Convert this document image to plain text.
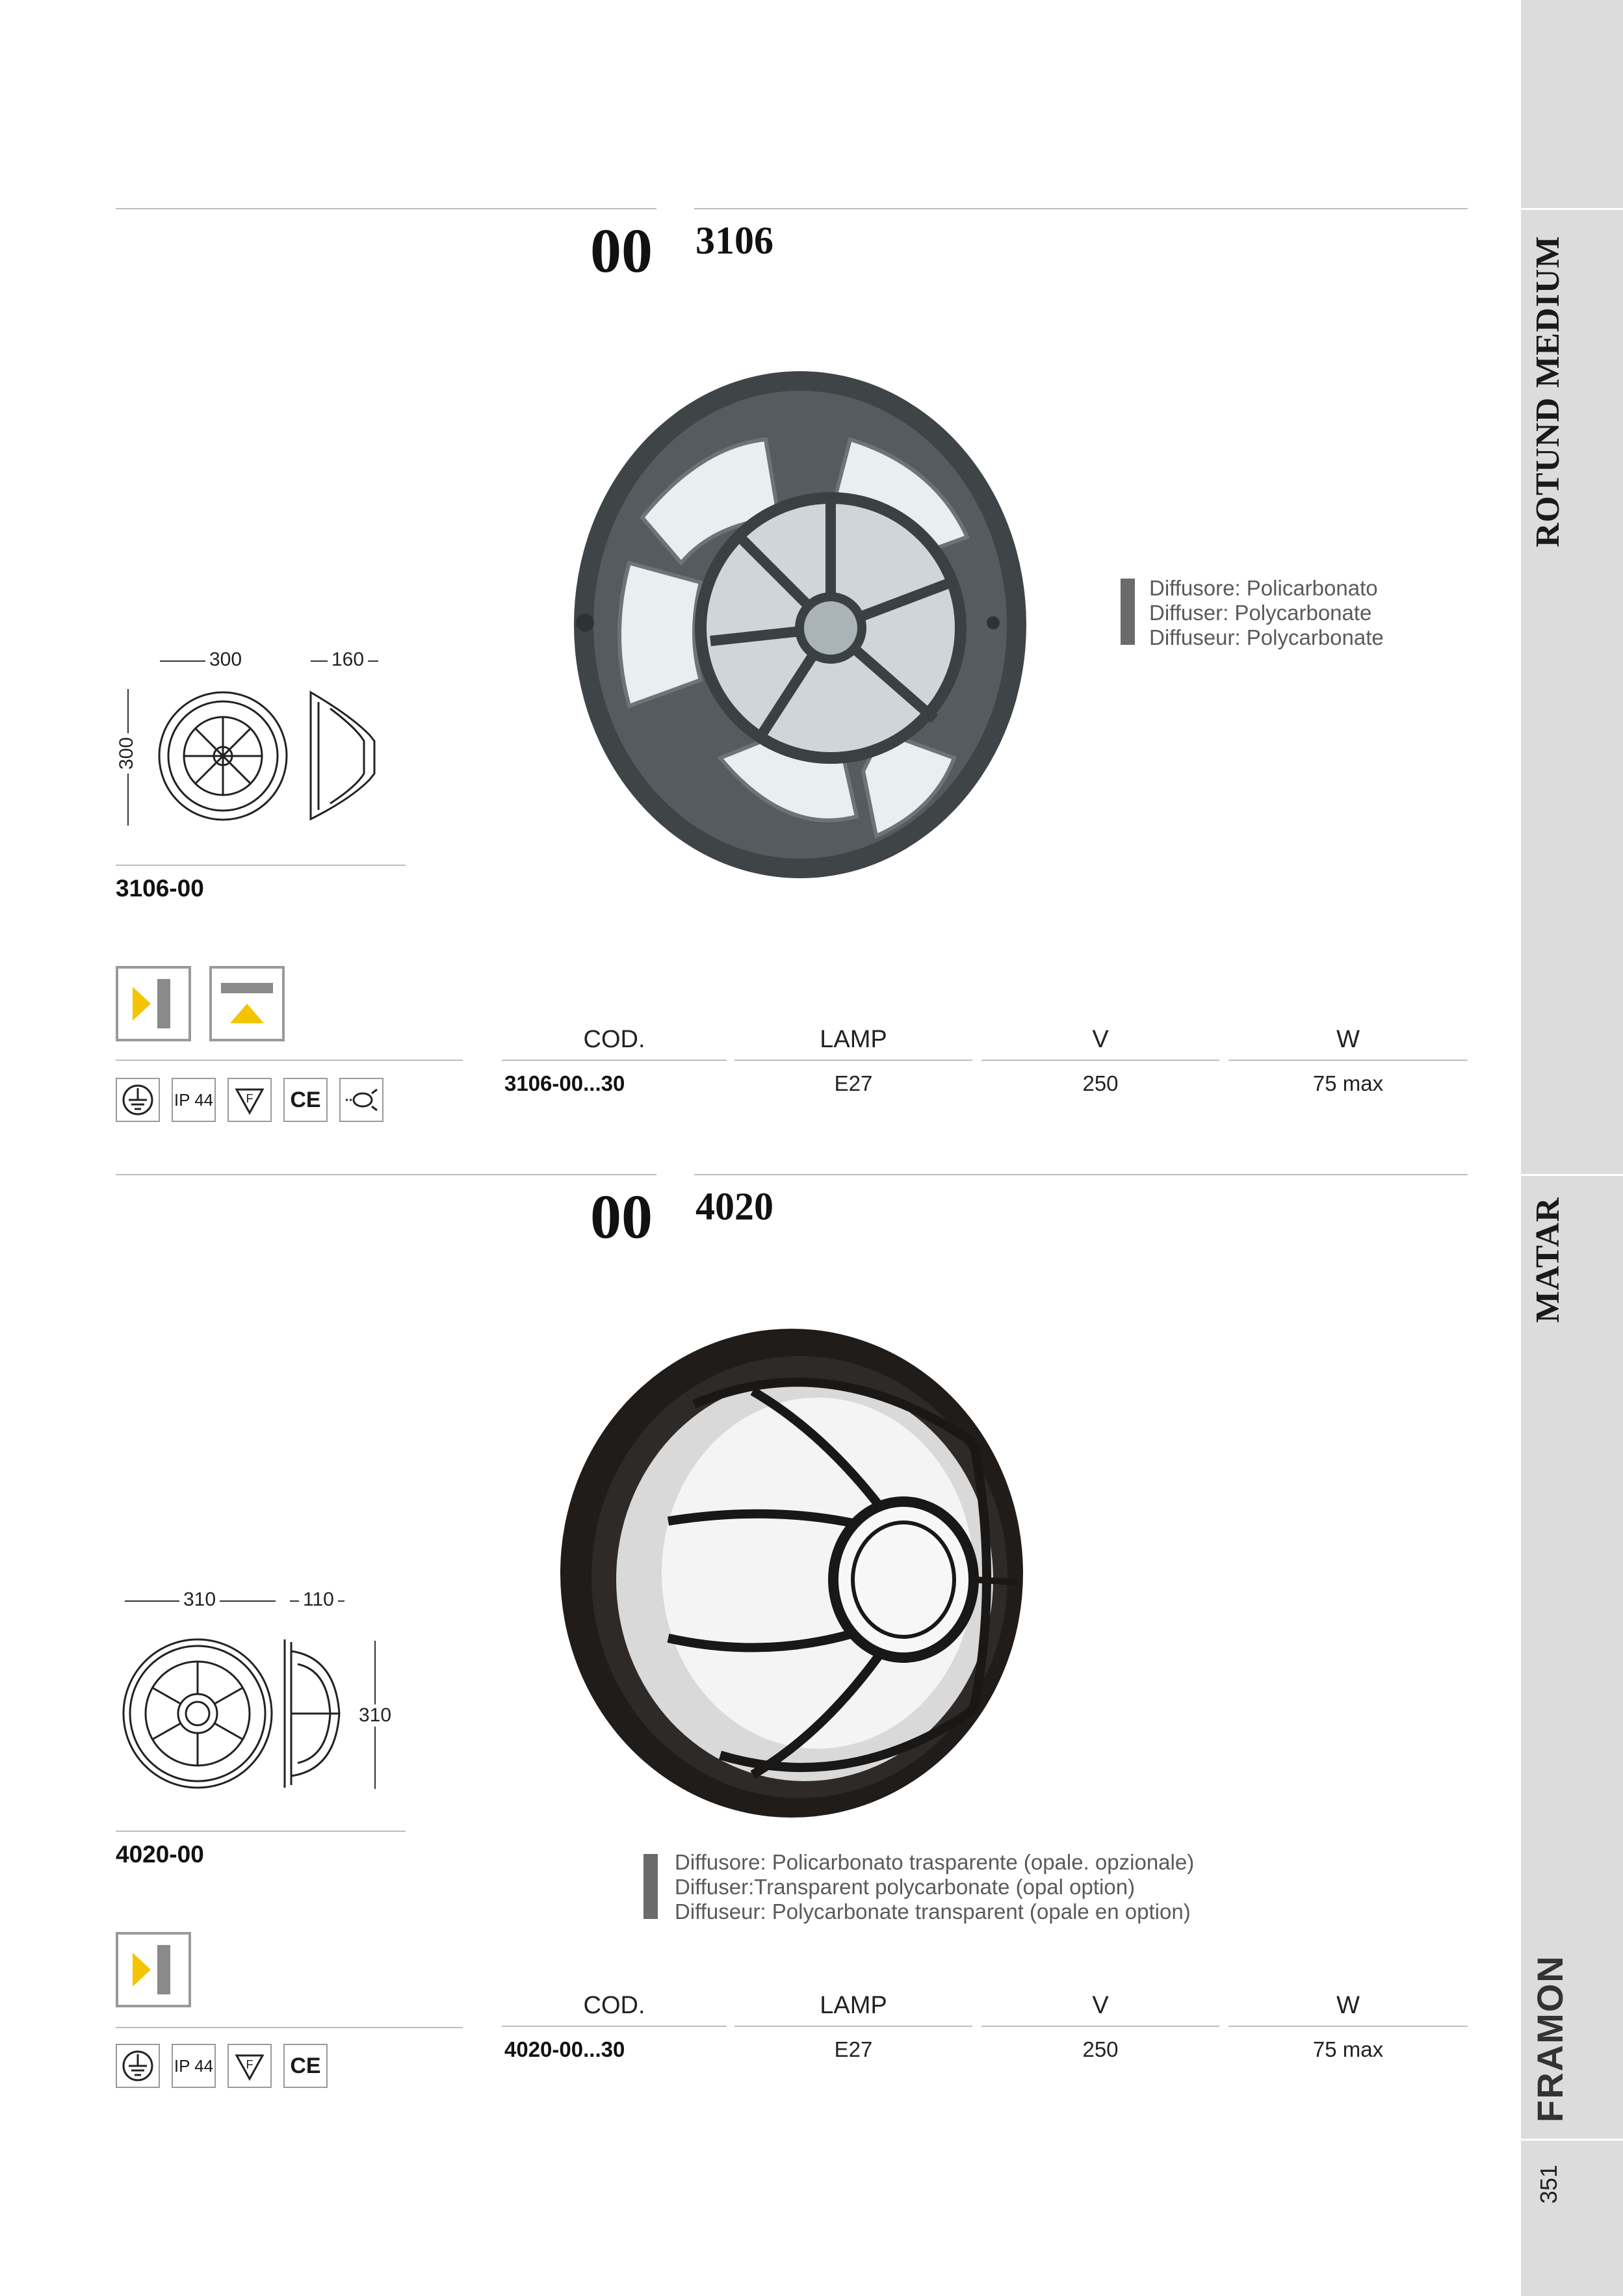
ROTUND MEDIUM
MATAR
FRAMON
351
00 3106
Diffusore: Policarbonato
Diffuser: Polycarbonate
Diffuseur: Polycarbonate
300	160
300
3106-00
IP 44	F	CE
COD.	LAMP	V	W
3106-00...30	E27	250	75 max
00 4020
Diffusore: Policarbonato trasparente (opale. opzionale)
Diffuser:Transparent polycarbonate (opal option)
Diffuseur: Polycarbonate transparent (opale en option)
310	110
310
4020-00
IP 44	F	CE
COD.	LAMP	V	W
4020-00...30	E27	250	75 max
